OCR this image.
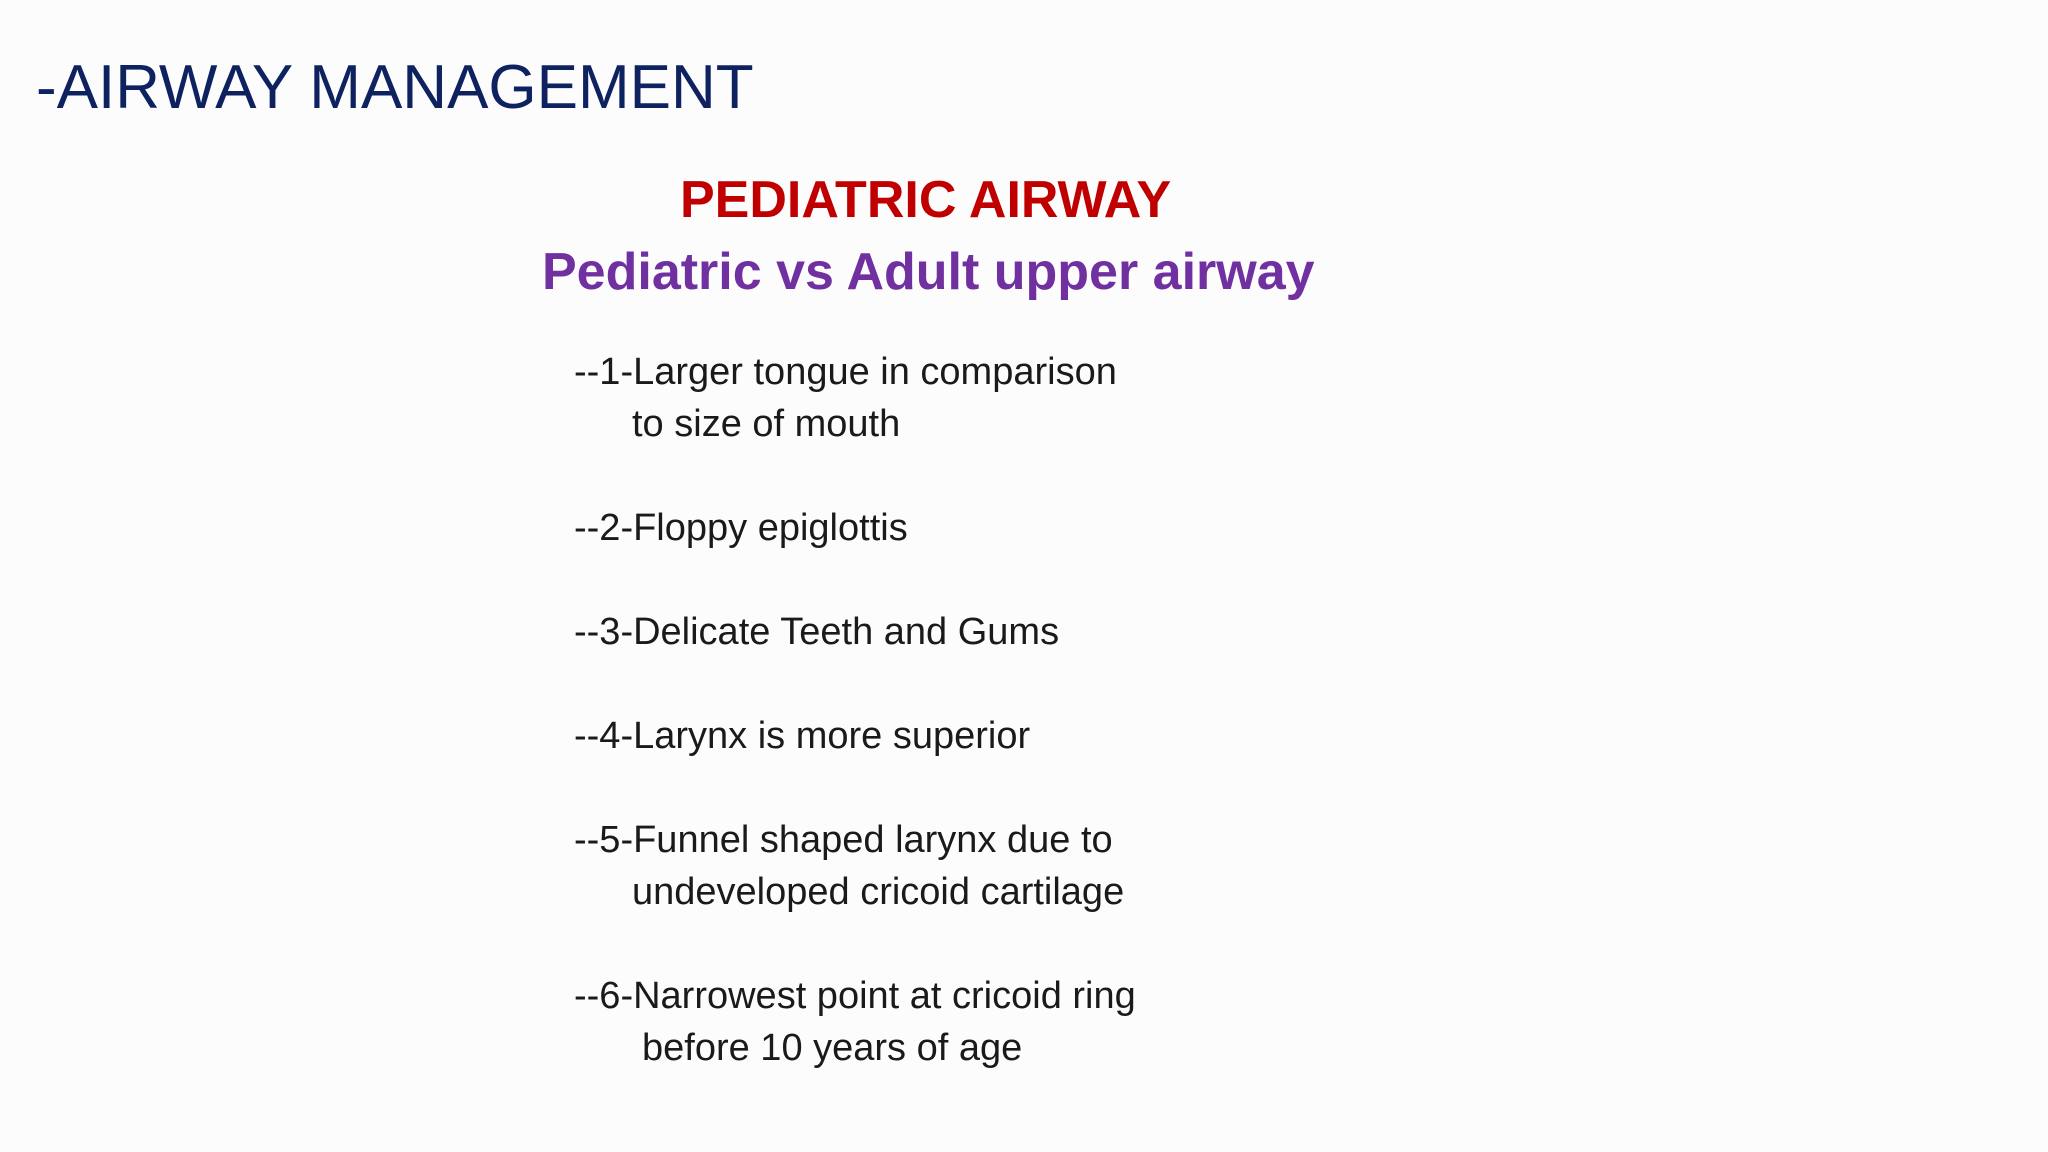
-AIRWAY MANAGEMENT
PEDIATRIC AIRWAY
Pediatric vs Adult upper airway
--1-Larger tongue in comparison
to size of mouth
--2-Floppy epiglottis
--3-Delicate Teeth and Gums
--4-Larynx is more superior
--5-Funnel shaped larynx due to
undeveloped cricoid cartilage
--6-Narrowest point at cricoid ring
before 10 years of age
